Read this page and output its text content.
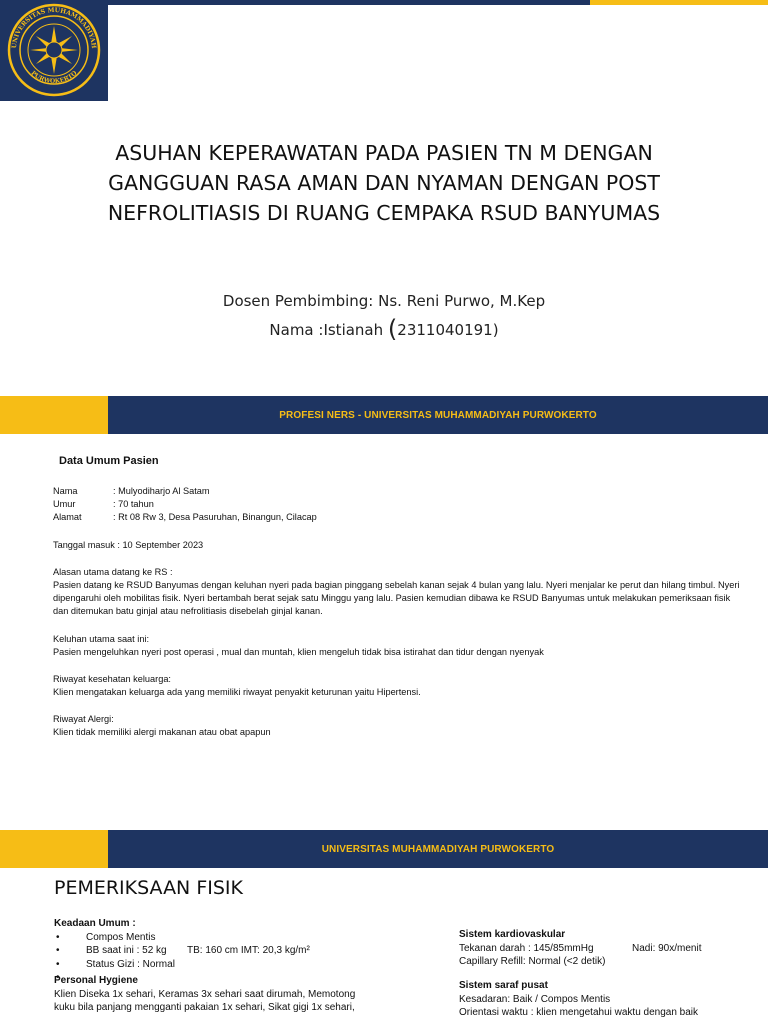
UNIVERSITAS MUHAMMADIYAH
PURWOKERTO
ASUHAN KEPERAWATAN PADA PASIEN TN M DENGAN
GANGGUAN RASA AMAN DAN NYAMAN DENGAN POST
NEFROLITIASIS DI RUANG CEMPAKA RSUD BANYUMAS
Dosen Pembimbing: Ns. Reni Purwo, M.Kep
Nama :Istianah (2311040191)
PROFESI NERS - UNIVERSITAS MUHAMMADIYAH PURWOKERTO
Data Umum Pasien
Nama	: Mulyodiharjo Al Satam
Umur	: 70 tahun
Alamat	: Rt 08 Rw 3, Desa Pasuruhan, Binangun, Cilacap
Tanggal masuk : 10 September 2023
Alasan utama datang ke RS :
Pasien datang ke RSUD Banyumas dengan keluhan nyeri pada bagian pinggang sebelah kanan sejak 4 bulan yang lalu. Nyeri menjalar ke perut dan hilang timbul. Nyeri dipengaruhi oleh mobilitas fisik. Nyeri bertambah berat sejak satu Minggu yang lalu. Pasien kemudian dibawa ke RSUD Banyumas untuk melakukan pemeriksaan fisik dan ditemukan batu ginjal atau nefrolitiasis disebelah ginjal kanan.
Keluhan utama saat ini:
Pasien mengeluhkan nyeri post operasi , mual dan muntah, klien mengeluh tidak bisa istirahat dan tidur dengan nyenyak
Riwayat kesehatan keluarga:
Klien mengatakan keluarga ada yang memiliki riwayat penyakit keturunan yaitu Hipertensi.
Riwayat Alergi:
Klien tidak memiliki alergi makanan atau obat apapun
UNIVERSITAS MUHAMMADIYAH PURWOKERTO
PEMERIKSAAN FISIK
Keadaan Umum :
• Compos Mentis
• BB saat ini : 52 kg TB: 160 cm IMT: 20,3 kg/m²
• Status Gizi : Normal
Personal Hygiene
Klien Diseka 1x sehari, Keramas 3x sehari saat dirumah, Memotong
kuku bila panjang mengganti pakaian 1x sehari, Sikat gigi 1x sehari,
Sistem kardiovaskular
Tekanan darah : 145/85mmHg	Nadi: 90x/menit
Capillary Refill: Normal (<2 detik)
Sistem saraf pusat
Kesadaran: Baik / Compos Mentis
Orientasi waktu : klien mengetahui waktu dengan baik
